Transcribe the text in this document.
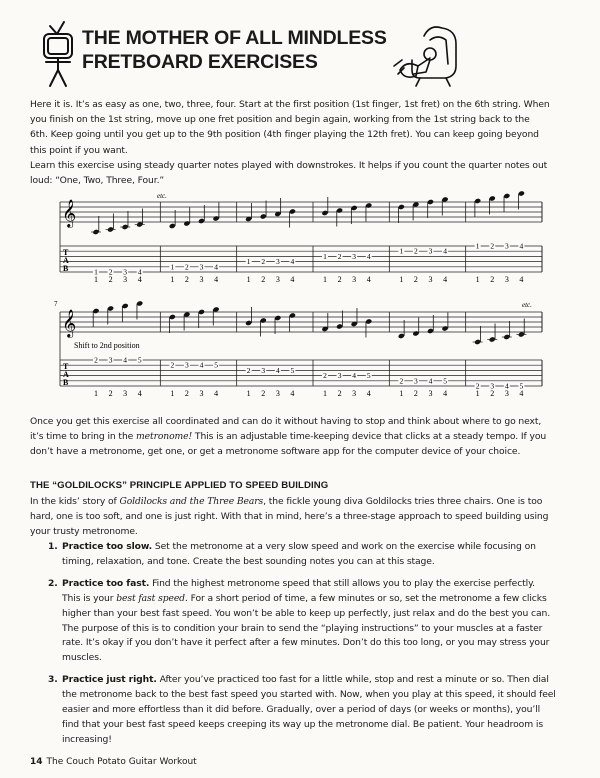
THE MOTHER OF ALL MINDLESS
FRETBOARD EXERCISES

Here it is. It’s as easy as one, two, three, four. Start at the first position (1st finger, 1st fret) on the 6th string. When you finish on the 1st string, move up one fret position and begin again, working from the 1st string back to the 6th. Keep going until you get up to the 9th position (4th finger playing the 12th fret). You can keep going beyond this point if you want.

Learn this exercise using steady quarter notes played with downstrokes. It helps if you count the quarter notes out loud: “One, Two, Three, Four.”

𝄞
T
A
B	1
1
2
2
3
3
4
4
1
1
2
2
3
3
4
4
1
1
2
2
3
3
4
4
1
1
2
2
3
3
4
4
1
1
2
2
3
3
4
4
1
1
2
2
3
3
4
4
etc.
𝄞
T
A
B
2
1
3
2
4
3
5
4
2
1
3
2
4
3
5
4
2
1
3
2
4
3
5
4
2
1
3
2
4
3
5
4
2
1
3
2
4
3
5
4
2
1
3
2
4
3
5
4
7
Shift to 2nd position
etc.

Once you get this exercise all coordinated and can do it without having to stop and think about where to go next, it’s time to bring in the metronome! This is an adjustable time-keeping device that clicks at a steady tempo. If you don’t have a metronome, get one, or get a metronome software app for the computer device of your choice.

THE “GOLDILOCKS” PRINCIPLE APPLIED TO SPEED BUILDING

In the kids’ story of Goldilocks and the Three Bears, the fickle young diva Goldilocks tries three chairs. One is too hard, one is too soft, and one is just right. With that in mind, here’s a three-stage approach to speed building using your trusty metronome.

1. Practice too slow. Set the metronome at a very slow speed and work on the exercise while focusing on timing, relaxation, and tone. Create the best sounding notes you can at this stage.
2. Practice too fast. Find the highest metronome speed that still allows you to play the exercise perfectly. This is your best fast speed. For a short period of time, a few minutes or so, set the metronome a few clicks higher than your best fast speed. You won’t be able to keep up perfectly, just relax and do the best you can. The purpose of this is to condition your brain to send the “playing instructions” to your muscles at a faster rate. It’s okay if you don’t have it perfect after a few minutes. Don’t do this too long, or you may stress your muscles.
3. Practice just right. After you’ve practiced too fast for a little while, stop and rest a minute or so. Then dial the metronome back to the best fast speed you started with. Now, when you play at this speed, it should feel easier and more effortless than it did before. Gradually, over a period of days (or weeks or months), you’ll find that your best fast speed keeps creeping its way up the metronome dial. Be patient. Your headroom is increasing!
14 The Couch Potato Guitar Workout
